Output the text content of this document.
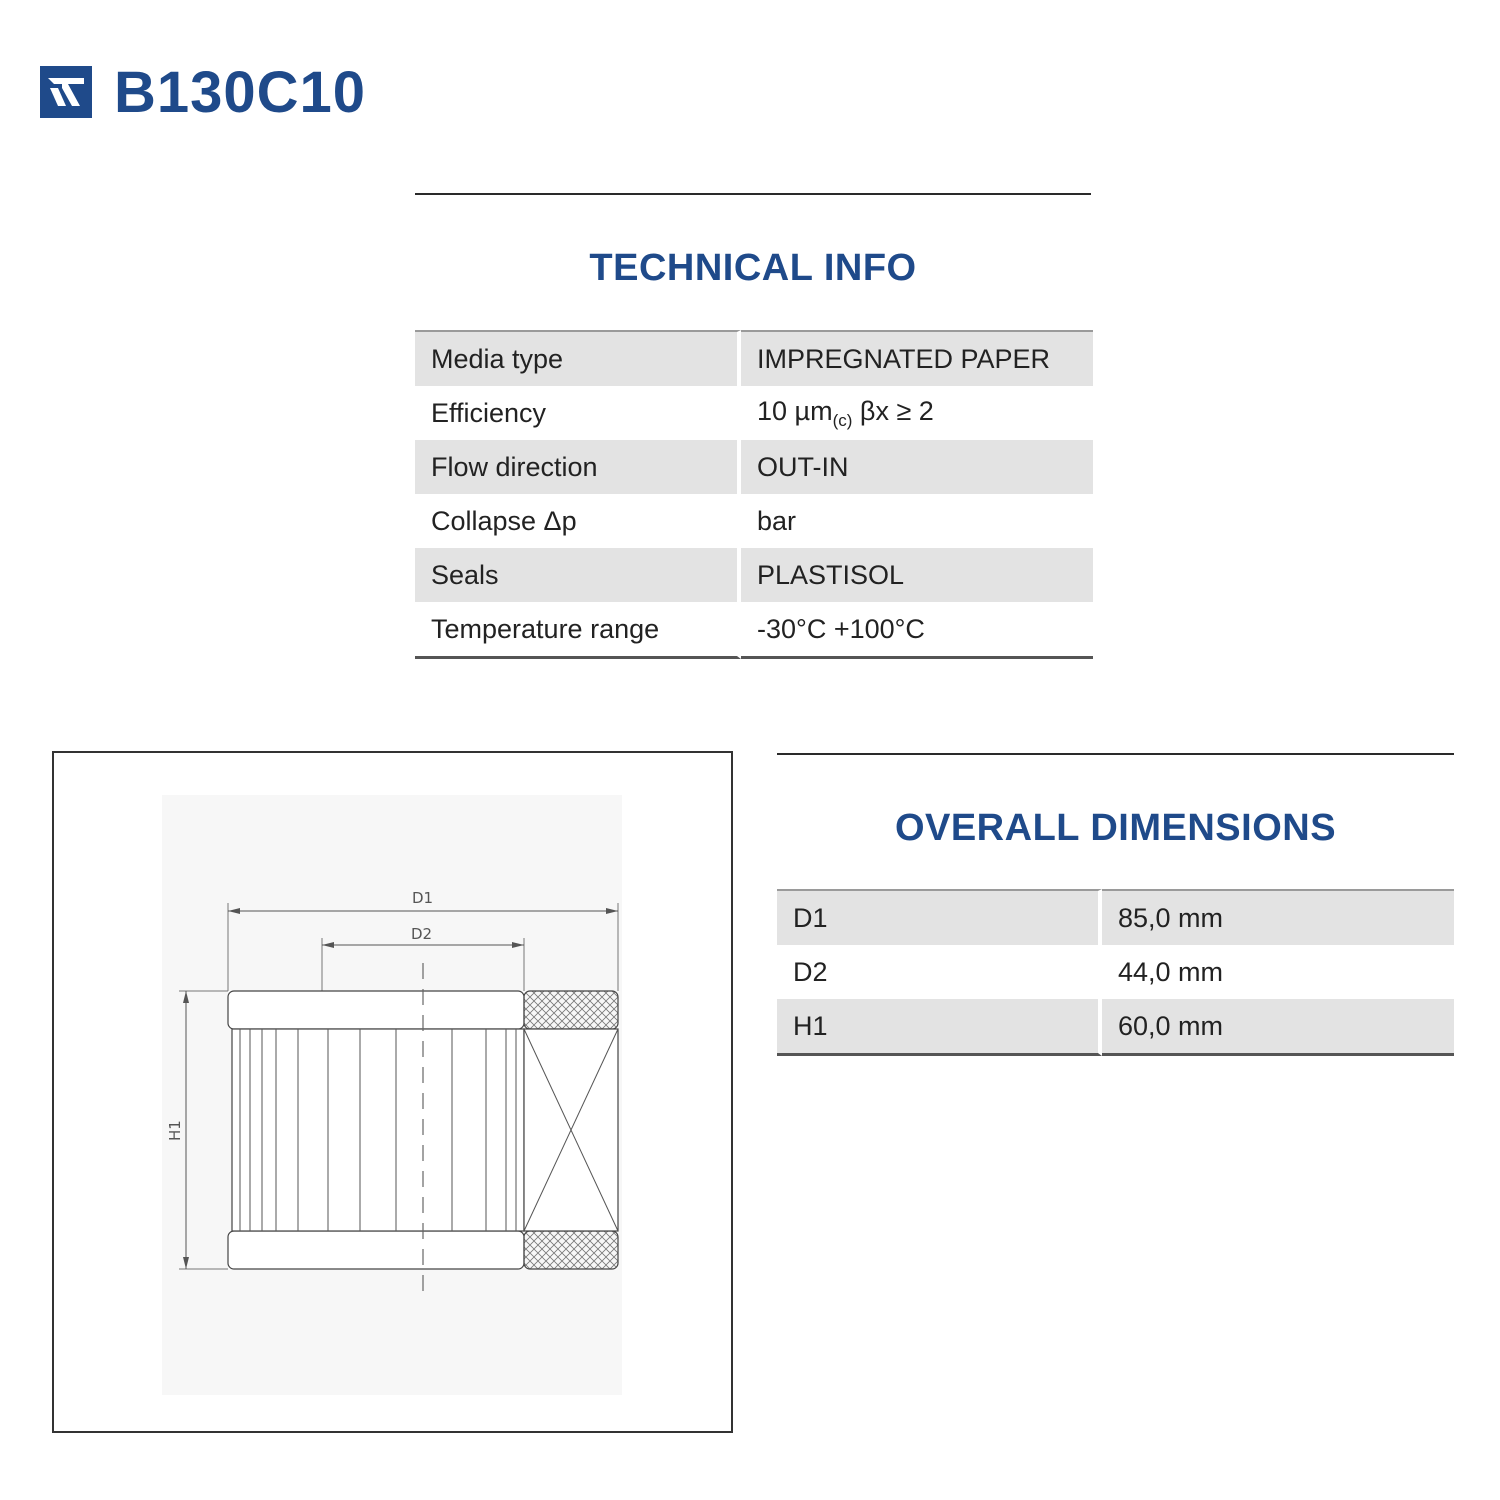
B130C10
TECHNICAL INFO
Media type	IMPREGNATED PAPER
Efficiency	10 µm$_{(c)}$ βx ≥ 2
Flow direction	OUT-IN
Collapse Δp	bar
Seals	PLASTISOL
Temperature range	-30°C +100°C
D1
D2
H1
OVERALL DIMENSIONS
D1	85,0 mm
D2	44,0 mm
H1	60,0 mm
